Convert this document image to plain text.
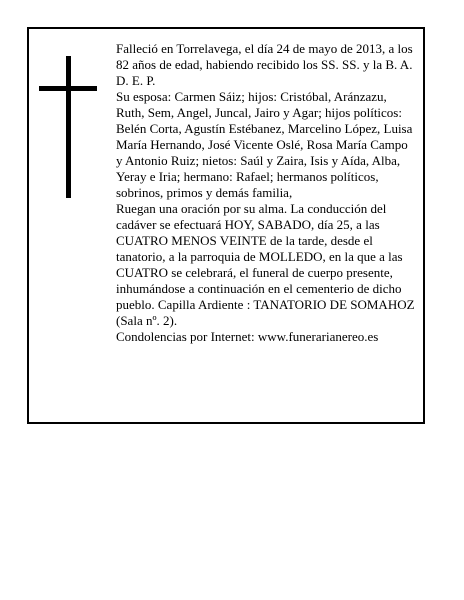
Falleció en Torrelavega, el día 24 de mayo de 2013, a los 82 años de edad, habiendo recibido los SS. SS. y la B. A.

D. E. P.

Su esposa: Carmen Sáiz; hijos: Cristóbal, Aránzazu, Ruth, Sem, Angel, Juncal, Jairo y Agar; hijos políticos: Belén Corta, Agustín Estébanez, Marcelino López, Luisa María Hernando, José Vicente Oslé, Rosa María Campo y Antonio Ruiz; nietos: Saúl y Zaira, Isis y Aída, Alba, Yeray e Iria; hermano: Rafael; hermanos políticos, sobrinos, primos y demás familia,

Ruegan una oración por su alma. La conducción del cadáver se efectuará HOY, SABADO, día 25, a las CUATRO MENOS VEINTE de la tarde, desde el tanatorio, a la parroquia de MOLLEDO, en la que a las CUATRO se celebrará, el funeral de cuerpo presente, inhumándose a continuación en el cementerio de dicho pueblo. Capilla Ardiente : TANATORIO DE SOMAHOZ (Sala nº. 2).

Condolencias por Internet: www.funerarianereo.es
